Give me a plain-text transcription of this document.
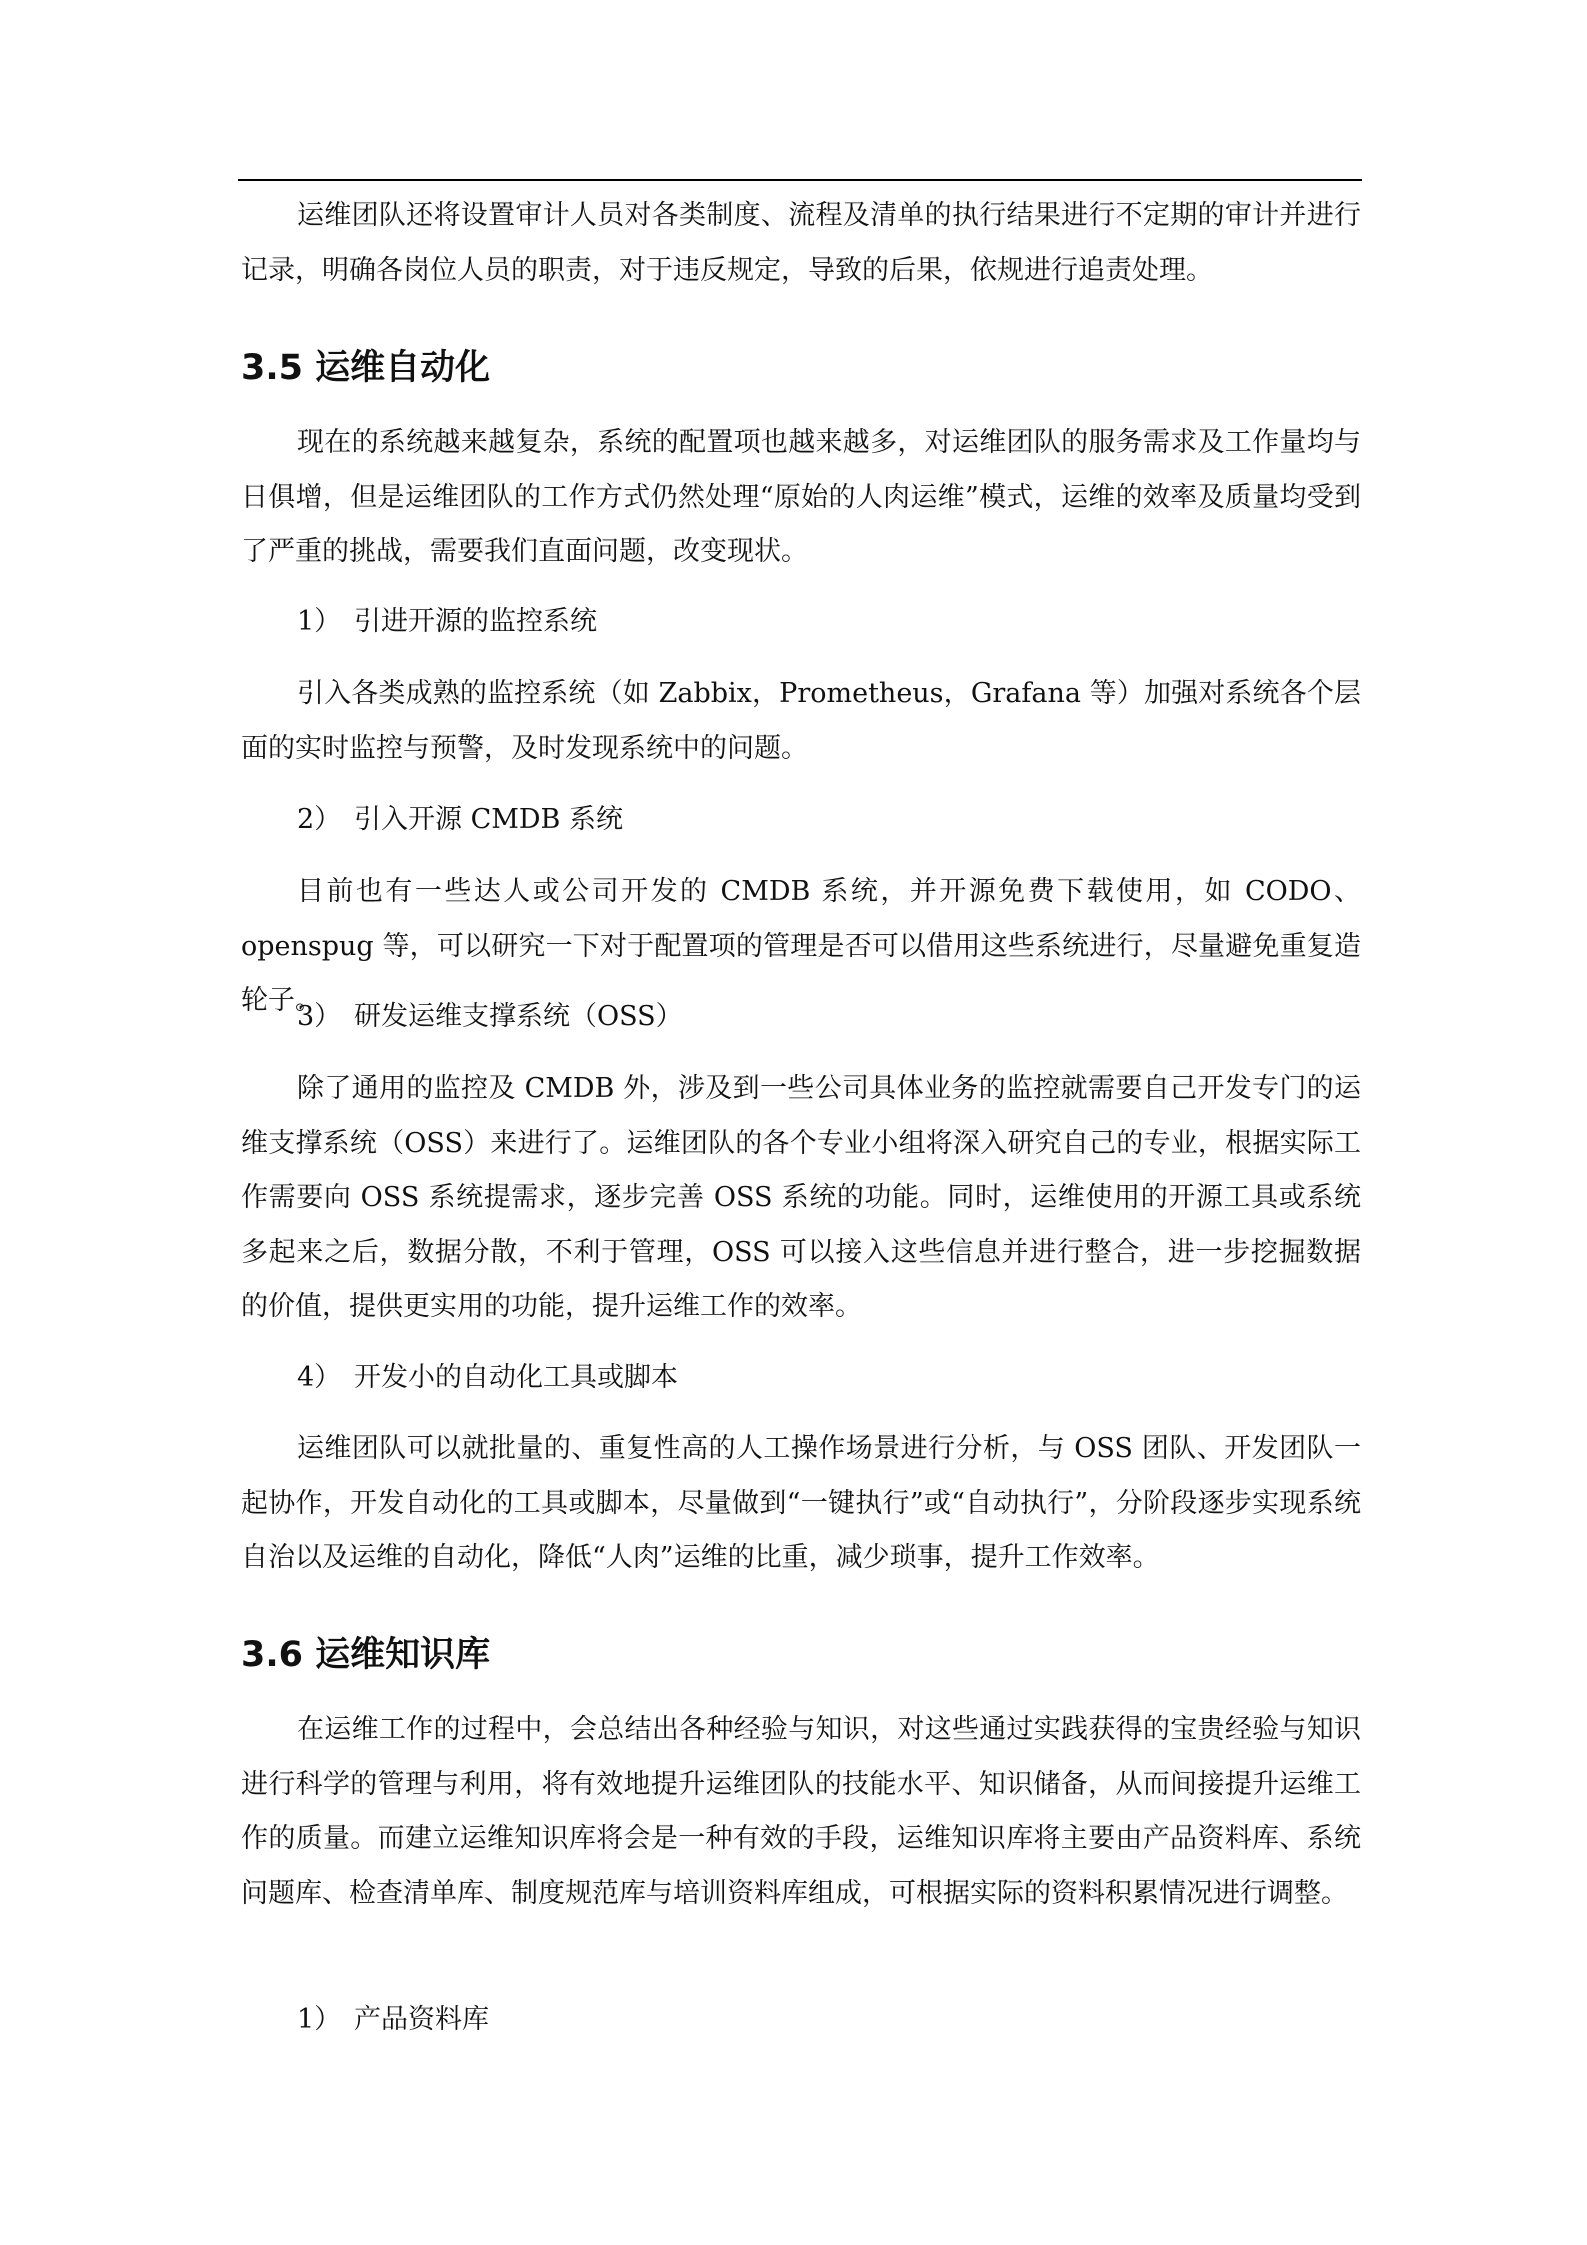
运维团队还将设置审计人员对各类制度、流程及清单的执行结果进行不定期的审计并进行记录，明确各岗位人员的职责，对于违反规定，导致的后果，依规进行追责处理。

3.5 运维自动化

现在的系统越来越复杂，系统的配置项也越来越多，对运维团队的服务需求及工作量均与日俱增，但是运维团队的工作方式仍然处理“原始的人肉运维”模式，运维的效率及质量均受到了严重的挑战，需要我们直面问题，改变现状。

1） 引进开源的监控系统

引入各类成熟的监控系统（如 Zabbix，Prometheus，Grafana 等）加强对系统各个层面的实时监控与预警，及时发现系统中的问题。

2） 引入开源 CMDB 系统

目前也有一些达人或公司开发的 CMDB 系统，并开源免费下载使用，如 CODO、openspug 等，可以研究一下对于配置项的管理是否可以借用这些系统进行，尽量避免重复造轮子。

3） 研发运维支撑系统（OSS）

除了通用的监控及 CMDB 外，涉及到一些公司具体业务的监控就需要自己开发专门的运维支撑系统（OSS）来进行了。运维团队的各个专业小组将深入研究自己的专业，根据实际工作需要向 OSS 系统提需求，逐步完善 OSS 系统的功能。同时，运维使用的开源工具或系统多起来之后，数据分散，不利于管理，OSS 可以接入这些信息并进行整合，进一步挖掘数据的价值，提供更实用的功能，提升运维工作的效率。

4） 开发小的自动化工具或脚本

运维团队可以就批量的、重复性高的人工操作场景进行分析，与 OSS 团队、开发团队一起协作，开发自动化的工具或脚本，尽量做到“一键执行”或“自动执行”，分阶段逐步实现系统自治以及运维的自动化，降低“人肉”运维的比重，减少琐事，提升工作效率。

3.6 运维知识库

在运维工作的过程中，会总结出各种经验与知识，对这些通过实践获得的宝贵经验与知识进行科学的管理与利用，将有效地提升运维团队的技能水平、知识储备，从而间接提升运维工作的质量。而建立运维知识库将会是一种有效的手段，运维知识库将主要由产品资料库、系统问题库、检查清单库、制度规范库与培训资料库组成，可根据实际的资料积累情况进行调整。

1） 产品资料库
